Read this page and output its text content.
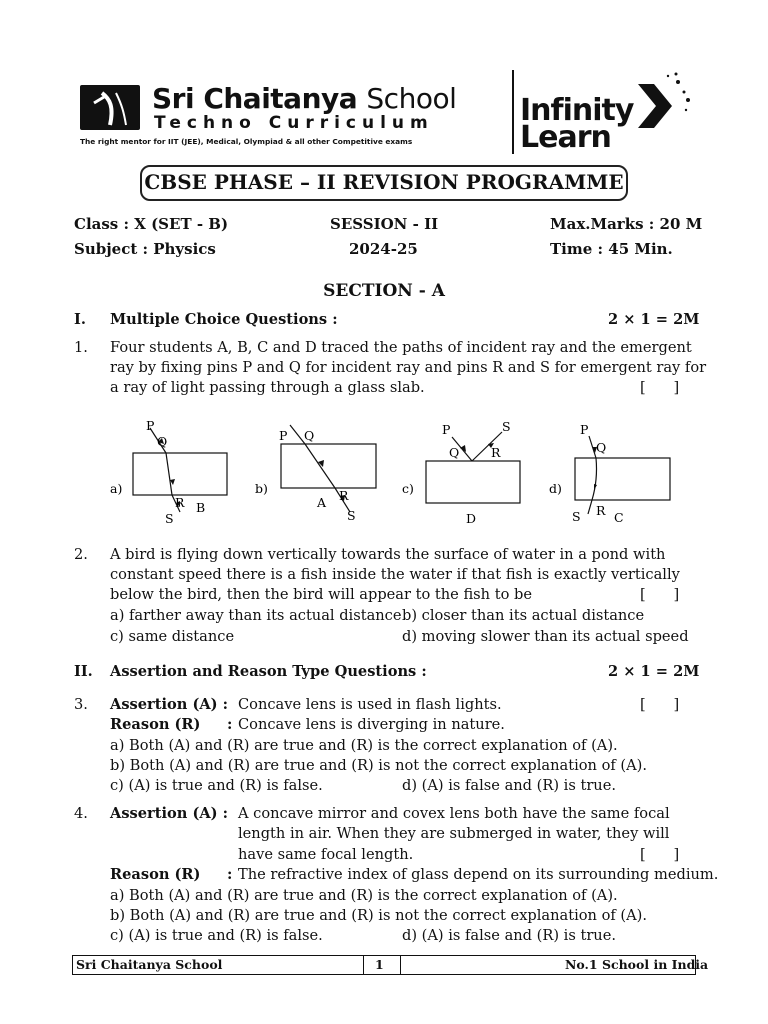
Sri Chaitanya School
Techno Curriculum
The right mentor for IIT (JEE), Medical, Olympiad & all other Competitive exams
Infinity
Learn
CBSE PHASE – II REVISION PROGRAMME
Class : X (SET - B)
Subject : Physics
SESSION - II
2024-25
Max.Marks : 20 M
Time : 45 Min.
SECTION - A
I. Multiple Choice Questions :	2 × 1 = 2M
1. Four students A, B, C and D traced the paths of incident ray and the emergent
ray by fixing pins P and Q for incident ray and pins R and S for emergent ray for
a ray of light passing through a glass slab.	[      ]
a)
P
Q
R
S
B
b)
P Q
A R
S
c)
P	S
Q	R
D
d)
P
Q
S R C
2. A bird is flying down vertically towards the surface of water in a pond with
constant speed there is a fish inside the water if that fish is exactly vertically
below the bird, then the bird will appear to the fish to be	[      ]
a) farther away than its actual distance b) closer than its actual distance
c) same distance	d) moving slower than its actual speed
II. Assertion and Reason Type Questions :	2 × 1 = 2M
3. Assertion (A) : Concave lens is used in flash lights.	[      ]
Reason (R) : Concave lens is diverging in nature.
a) Both (A) and (R) are true and (R) is the correct explanation of (A).
b) Both (A) and (R) are true and (R) is not the correct explanation of (A).
c) (A) is true and (R) is false.	d) (A) is false and (R) is true.
4. Assertion (A) : A concave mirror and covex lens both have the same focal
length in air. When they are submerged in water, they will
have same focal length.	[      ]
Reason (R) : The refractive index of glass depend on its surrounding medium.
a) Both (A) and (R) are true and (R) is the correct explanation of (A).
b) Both (A) and (R) are true and (R) is not the correct explanation of (A).
c) (A) is true and (R) is false.	d) (A) is false and (R) is true.
Sri Chaitanya School	1	No.1 School in India
